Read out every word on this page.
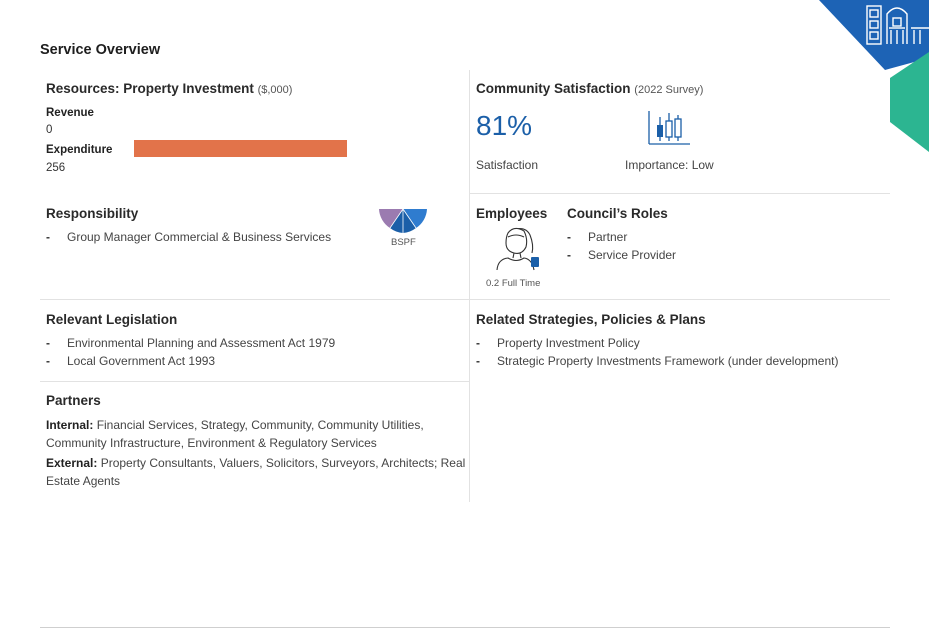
Service Overview
Resources: Property Investment ($,000)
Revenue
0
Expenditure
256
Community Satisfaction (2022 Survey)
81%
Satisfaction	Importance: Low
Responsibility
-	Group Manager Commercial & Business Services	BSPF
Employees
0.2 Full Time
Council’s Roles
-	Partner
-	Service Provider
Relevant Legislation
-	Environmental Planning and Assessment Act 1979
-	Local Government Act 1993
Related Strategies, Policies & Plans
-	Property Investment Policy
-	Strategic Property Investments Framework (under development)
Partners
Internal: Financial Services, Strategy, Community, Community Utilities, Community Infrastructure, Environment & Regulatory Services
External: Property Consultants, Valuers, Solicitors, Surveyors, Architects; Real Estate Agents
